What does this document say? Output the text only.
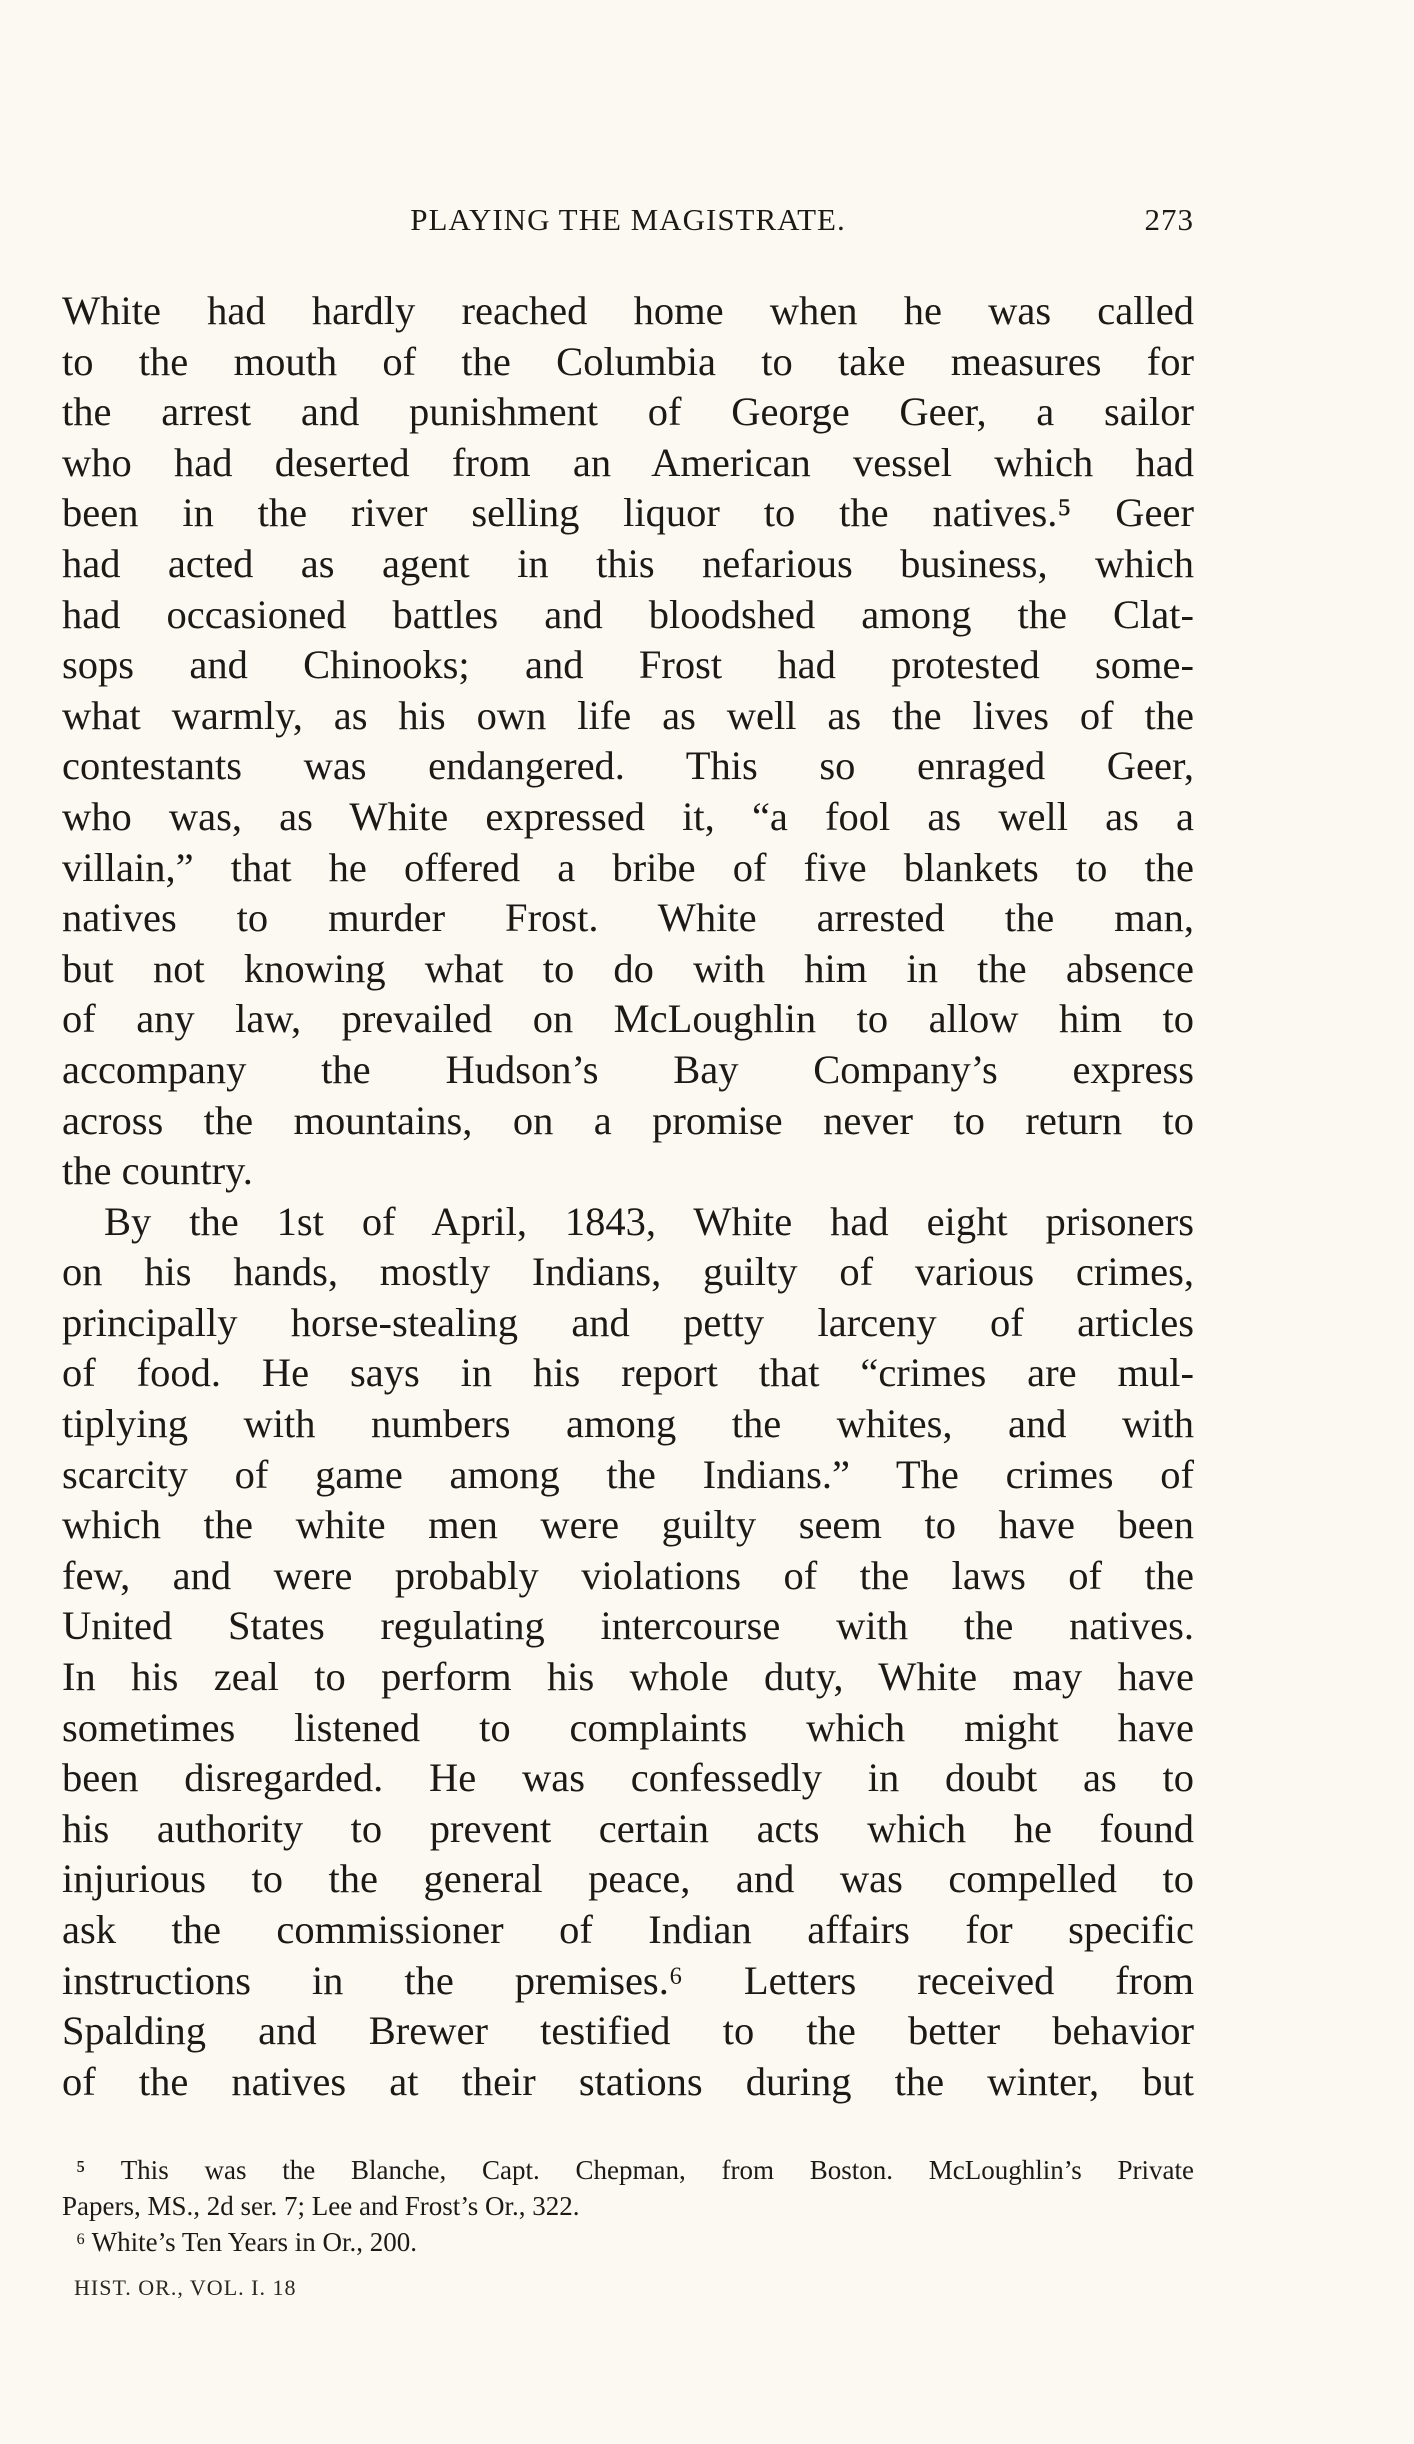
PLAYING THE MAGISTRATE.	273
White had hardly reached home when he was called
to the mouth of the Columbia to take measures for
the arrest and punishment of George Geer, a sailor
who had deserted from an American vessel which had
been in the river selling liquor to the natives.⁵ Geer
had acted as agent in this nefarious business, which
had occasioned battles and bloodshed among the Clat-
sops and Chinooks; and Frost had protested some-
what warmly, as his own life as well as the lives of the
contestants was endangered. This so enraged Geer,
who was, as White expressed it, “a fool as well as a
villain,” that he offered a bribe of five blankets to the
natives to murder Frost. White arrested the man,
but not knowing what to do with him in the absence
of any law, prevailed on McLoughlin to allow him to
accompany the Hudson’s Bay Company’s express
across the mountains, on a promise never to return to
the country.
By the 1st of April, 1843, White had eight prisoners
on his hands, mostly Indians, guilty of various crimes,
principally horse-stealing and petty larceny of articles
of food. He says in his report that “crimes are mul-
tiplying with numbers among the whites, and with
scarcity of game among the Indians.” The crimes of
which the white men were guilty seem to have been
few, and were probably violations of the laws of the
United States regulating intercourse with the natives.
In his zeal to perform his whole duty, White may have
sometimes listened to complaints which might have
been disregarded. He was confessedly in doubt as to
his authority to prevent certain acts which he found
injurious to the general peace, and was compelled to
ask the commissioner of Indian affairs for specific
instructions in the premises.⁶ Letters received from
Spalding and Brewer testified to the better behavior
of the natives at their stations during the winter, but
⁵ This was the Blanche, Capt. Chepman, from Boston. McLoughlin’s Private
Papers, MS., 2d ser. 7; Lee and Frost’s Or., 322.
⁶ White’s Ten Years in Or., 200.
HIST. OR., VOL. I. 18
